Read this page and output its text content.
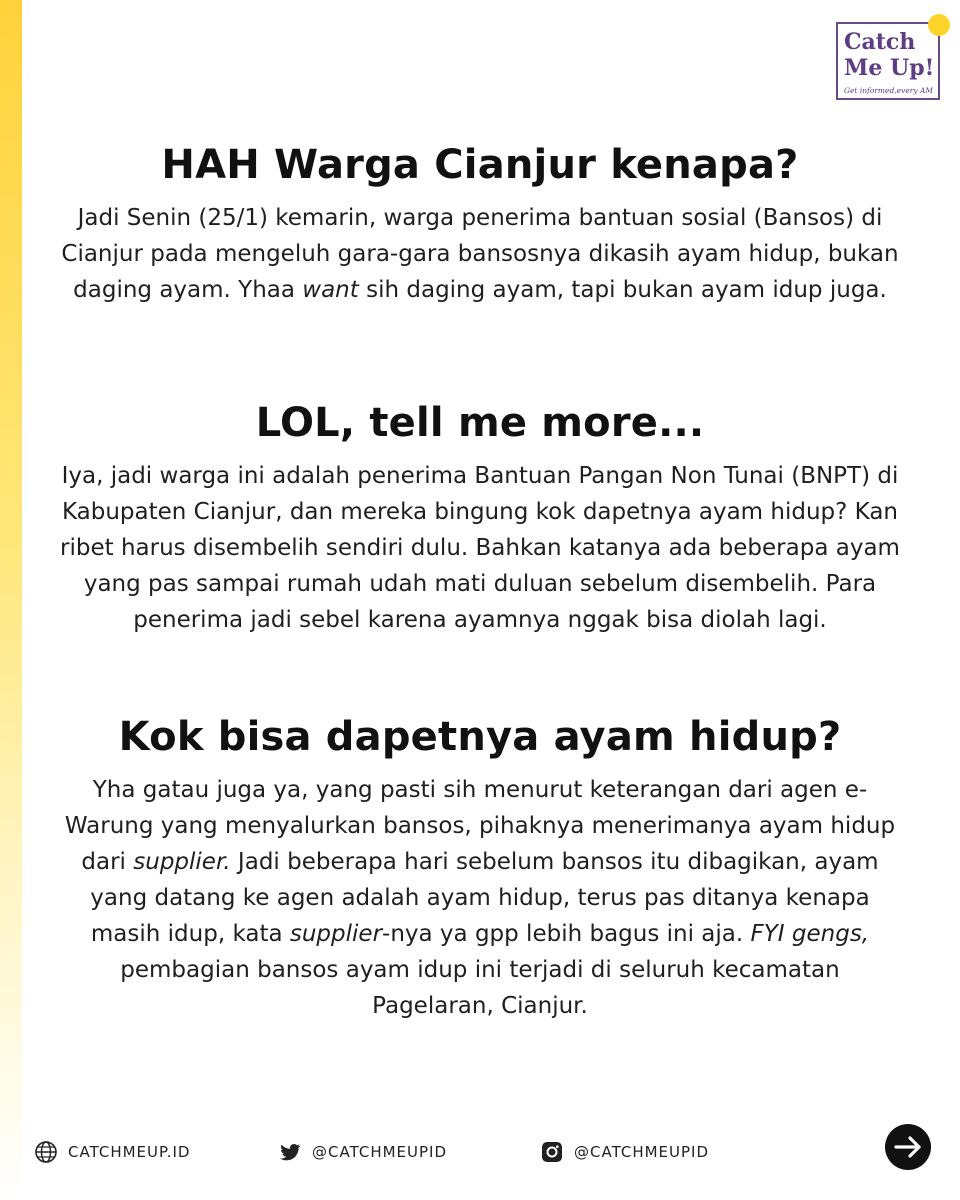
Catch
Me Up!
Get informed,every AM
HAH Warga Cianjur kenapa?

Jadi Senin (25/1) kemarin, warga penerima bantuan sosial (Bansos) di Cianjur pada mengeluh gara-gara bansosnya dikasih ayam hidup, bukan daging ayam. Yhaa want sih daging ayam, tapi bukan ayam idup juga.

LOL, tell me more...

Iya, jadi warga ini adalah penerima Bantuan Pangan Non Tunai (BNPT) di Kabupaten Cianjur, dan mereka bingung kok dapetnya ayam hidup? Kan ribet harus disembelih sendiri dulu. Bahkan katanya ada beberapa ayam yang pas sampai rumah udah mati duluan sebelum disembelih. Para penerima jadi sebel karena ayamnya nggak bisa diolah lagi.

Kok bisa dapetnya ayam hidup?

Yha gatau juga ya, yang pasti sih menurut keterangan dari agen e-Warung yang menyalurkan bansos, pihaknya menerimanya ayam hidup dari supplier. Jadi beberapa hari sebelum bansos itu dibagikan, ayam yang datang ke agen adalah ayam hidup, terus pas ditanya kenapa masih idup, kata supplier-nya ya gpp lebih bagus ini aja. FYI gengs, pembagian bansos ayam idup ini terjadi di seluruh kecamatan Pagelaran, Cianjur.

CATCHMEUP.ID	@CATCHMEUPID	@CATCHMEUPID
